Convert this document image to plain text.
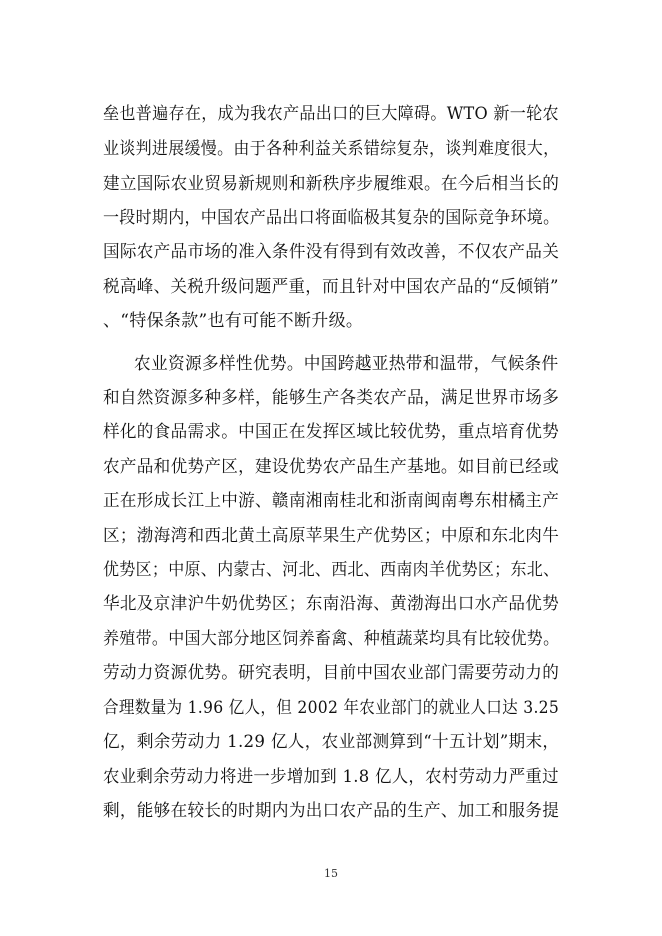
垒也普遍存在，成为我农产品出口的巨大障碍。WTO 新一轮农
业谈判进展缓慢。由于各种利益关系错综复杂，谈判难度很大，
建立国际农业贸易新规则和新秩序步履维艰。在今后相当长的
一段时期内，中国农产品出口将面临极其复杂的国际竞争环境。
国际农产品市场的准入条件没有得到有效改善，不仅农产品关
税高峰、关税升级问题严重，而且针对中国农产品的“反倾销”
、“特保条款”也有可能不断升级。
农业资源多样性优势。中国跨越亚热带和温带，气候条件
和自然资源多种多样，能够生产各类农产品，满足世界市场多
样化的食品需求。中国正在发挥区域比较优势，重点培育优势
农产品和优势产区，建设优势农产品生产基地。如目前已经或
正在形成长江上中游、赣南湘南桂北和浙南闽南粤东柑橘主产
区；渤海湾和西北黄土高原苹果生产优势区；中原和东北肉牛
优势区；中原、内蒙古、河北、西北、西南肉羊优势区；东北、
华北及京津沪牛奶优势区；东南沿海、黄渤海出口水产品优势
养殖带。中国大部分地区饲养畜禽、种植蔬菜均具有比较优势。
劳动力资源优势。研究表明，目前中国农业部门需要劳动力的
合理数量为 1.96 亿人，但 2002 年农业部门的就业人口达 3.25
亿，剩余劳动力 1.29 亿人，农业部测算到“十五计划”期末，
农业剩余劳动力将进一步增加到 1.8 亿人，农村劳动力严重过
剩，能够在较长的时期内为出口农产品的生产、加工和服务提
15
